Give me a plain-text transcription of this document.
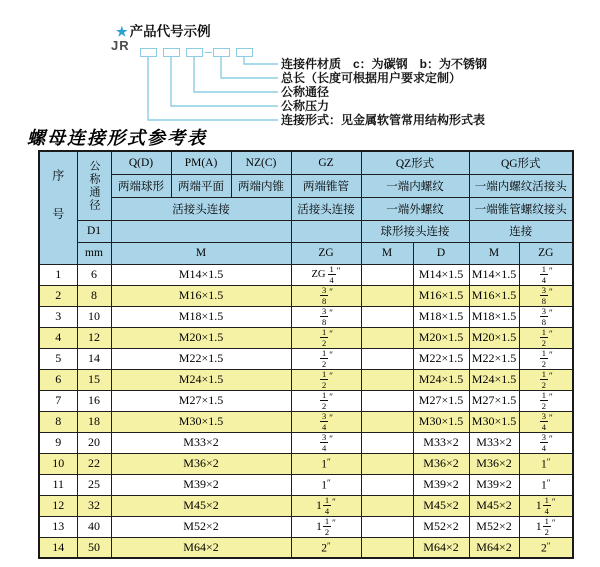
★ 产品代号示例
JR
连接件材质　c：为碳钢　b：为不锈钢
总长（长度可根据用户要求定制）
公称通径
公称压力
连接形式：见金属软管常用结构形式表
螺母连接形式参考表
序号	公称通径	Q(D)	PM(A)	NZ(C)	GZ	QZ形式		QG形式	
		两端球形	两端平面	两端内锥	两端锥管	一端内螺纹		一端内螺纹活接头	
		活接头连接			活接头连接	一端外螺纹		一端锥管螺纹接头	
	D1					球形接头连接		连接	
	mm	M			ZG	M	D	M	ZG
1	6	M14×1.5			ZG $\frac{1}{4} ''$		M14×1.5	M14×1.5	$\frac{1}{4} ''$
2	8	M16×1.5			$\frac{3}{8} ''$		M16×1.5	M16×1.5	$\frac{3}{8} ''$
3	10	M18×1.5			$\frac{3}{8} ''$		M18×1.5	M18×1.5	$\frac{3}{8} ''$
4	12	M20×1.5			$\frac{1}{2} ''$		M20×1.5	M20×1.5	$\frac{1}{2} ''$
5	14	M22×1.5			$\frac{1}{2} ''$		M22×1.5	M22×1.5	$\frac{1}{2} ''$
6	15	M24×1.5			$\frac{1}{2} ''$		M24×1.5	M24×1.5	$\frac{1}{2} ''$
7	16	M27×1.5			$\frac{1}{2} ''$		M27×1.5	M27×1.5	$\frac{1}{2} ''$
8	18	M30×1.5			$\frac{3}{4} ''$		M30×1.5	M30×1.5	$\frac{3}{4} ''$
9	20	M33×2			$\frac{3}{4} ''$		M33×2	M33×2	$\frac{3}{4} ''$
10	22	M36×2			1″		M36×2	M36×2	1″
11	25	M39×2			1″		M39×2	M39×2	1″
12	32	M45×2			$1 \frac{1}{4} ''$		M45×2	M45×2	$1 \frac{1}{4} ''$
13	40	M52×2			$1 \frac{1}{2} ''$		M52×2	M52×2	$1 \frac{1}{2} ''$
14	50	M64×2			2″		M64×2	M64×2	2″
